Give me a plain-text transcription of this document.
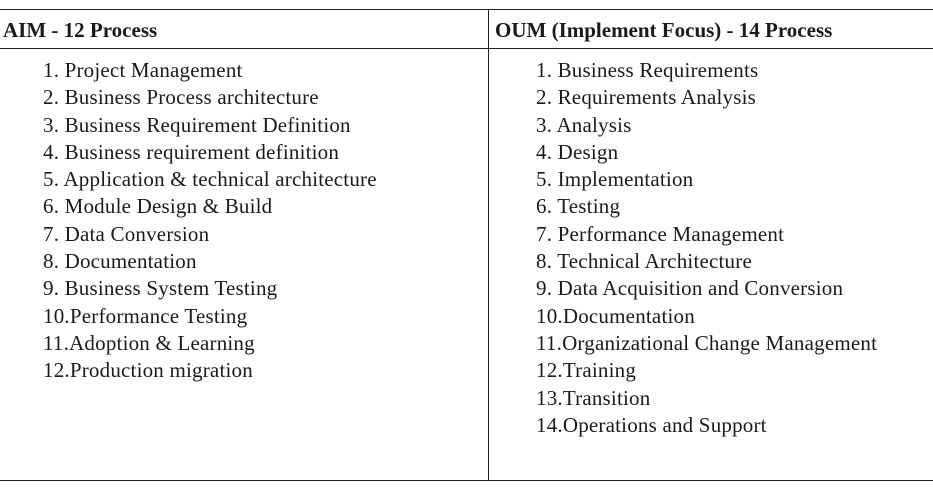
AIM - 12 Process	OUM (Implement Focus) - 14 Process
1. Project Management
2. Business Process architecture
3. Business Requirement Definition
4. Business requirement definition
5. Application & technical architecture
6. Module Design & Build
7. Data Conversion
8. Documentation
9. Business System Testing
10.Performance Testing
11.Adoption & Learning
12.Production migration
1. Business Requirements
2. Requirements Analysis
3. Analysis
4. Design
5. Implementation
6. Testing
7. Performance Management
8. Technical Architecture
9. Data Acquisition and Conversion
10.Documentation
11.Organizational Change Management
12.Training
13.Transition
14.Operations and Support
